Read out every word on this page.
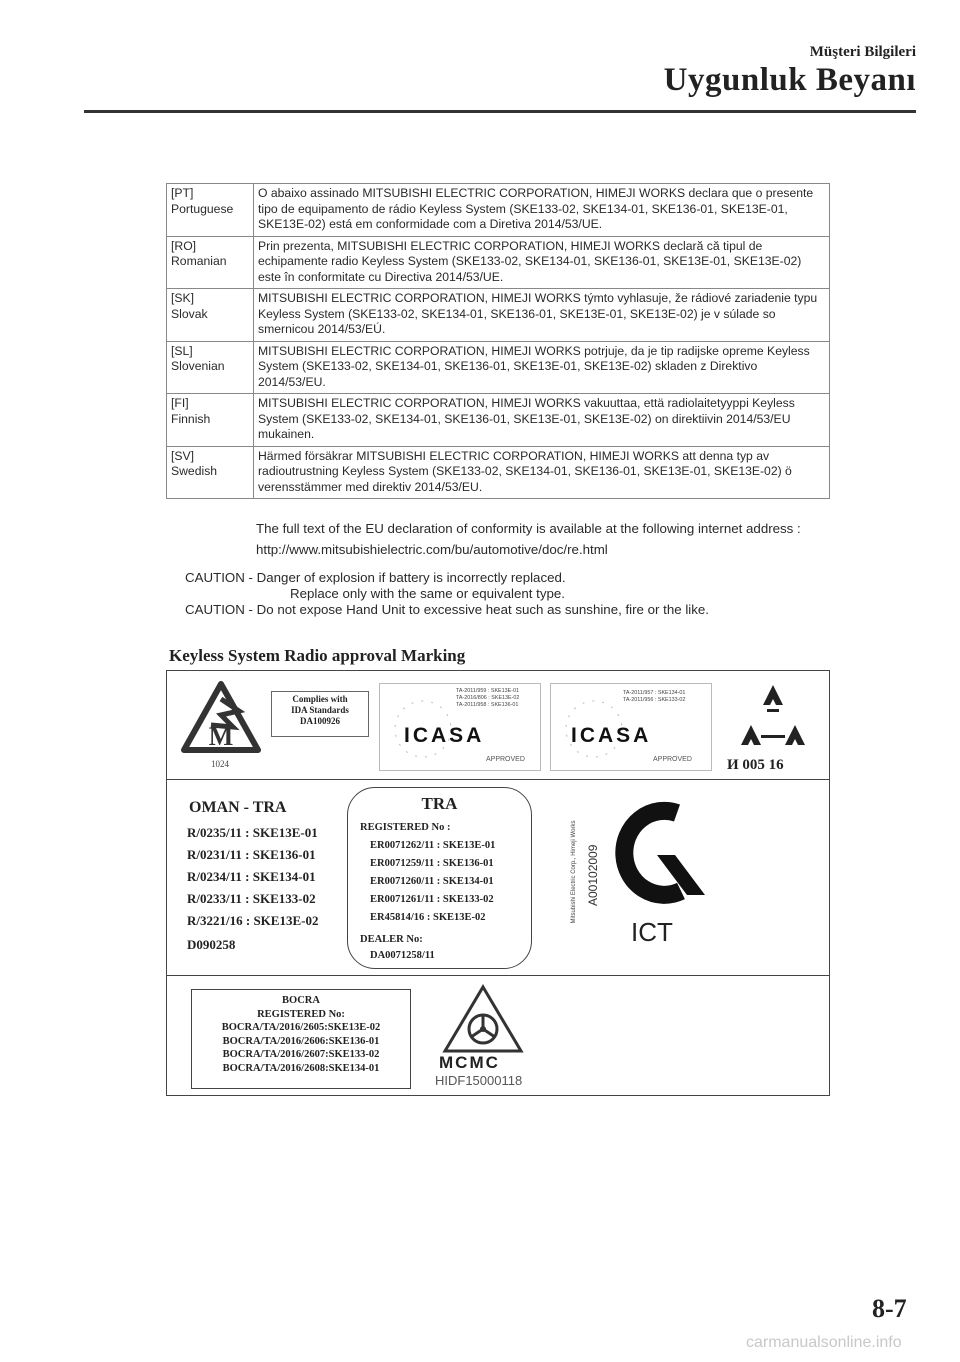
Müşteri Bilgileri
Uygunluk Beyanı
[PT]
Portuguese	O abaixo assinado MITSUBISHI ELECTRIC CORPORATION, HIMEJI WORKS declara que o presente tipo de equipamento de rádio Keyless System (SKE133-02, SKE134-01, SKE136-01, SKE13E-01, SKE13E-02) está em conformidade com a Diretiva 2014/53/UE.

[RO]
Romanian	Prin prezenta, MITSUBISHI ELECTRIC CORPORATION, HIMEJI WORKS declară că tipul de echipamente radio Keyless System (SKE133-02, SKE134-01, SKE136-01, SKE13E-01, SKE13E-02) este în conformitate cu Directiva 2014/53/UE.

[SK]
Slovak	MITSUBISHI ELECTRIC CORPORATION, HIMEJI WORKS týmto vyhlasuje, že rádiové zariadenie typu Keyless System (SKE133-02, SKE134-01, SKE136-01, SKE13E-01, SKE13E-02) je v súlade so smernicou 2014/53/EÚ.

[SL]
Slovenian	MITSUBISHI ELECTRIC CORPORATION, HIMEJI WORKS potrjuje, da je tip radijske opreme Keyless System (SKE133-02, SKE134-01, SKE136-01, SKE13E-01, SKE13E-02) skladen z Direktivo 2014/53/EU.

[FI]
Finnish	MITSUBISHI ELECTRIC CORPORATION, HIMEJI WORKS vakuuttaa, että radiolaitetyyppi Keyless System (SKE133-02, SKE134-01, SKE136-01, SKE13E-01, SKE13E-02) on direktiivin 2014/53/EU mukainen.

[SV]
Swedish	Härmed försäkrar MITSUBISHI ELECTRIC CORPORATION, HIMEJI WORKS att denna typ av radioutrustning Keyless System (SKE133-02, SKE134-01, SKE136-01, SKE13E-01, SKE13E-02) ö verensstämmer med direktiv 2014/53/EU.
The full text of the EU declaration of conformity is available at the following internet address : http://www.mitsubishielectric.com/bu/automotive/doc/re.html
CAUTION - Danger of explosion if battery is incorrectly replaced.
Replace only with the same or equivalent type.
CAUTION - Do not expose Hand Unit to excessive heat such as sunshine, fire or the like.
Keyless System Radio approval Marking
M
1024
Complies with
IDA Standards
DA100926
TA-2011/959 : SKE13E-01
TA-2016/806 : SKE13E-02
TA-2011/958 : SKE136-01
ICASA
APPROVED
TA-2011/957 : SKE134-01
TA-2011/956 : SKE133-02
ICASA
APPROVED И 005 16
OMAN - TRA
R/0235/11 : SKE13E-01
R/0231/11 : SKE136-01
R/0234/11 : SKE134-01
R/0233/11 : SKE133-02
R/3221/16 : SKE13E-02
D090258
TRA
REGISTERED No :
ER0071262/11 : SKE13E-01
ER0071259/11 : SKE136-01
ER0071260/11 : SKE134-01
ER0071261/11 : SKE133-02
ER45814/16 : SKE13E-02
DEALER No:
DA0071258/11
Mitsubishi Electric Corp., Himeji Works A00102009
ICT
BOCRA
REGISTERED No:
BOCRA/TA/2016/2605:SKE13E-02
BOCRA/TA/2016/2606:SKE136-01
BOCRA/TA/2016/2607:SKE133-02
BOCRA/TA/2016/2608:SKE134-01	MCMC
HIDF15000118
8-7
carmanualsonline.info
